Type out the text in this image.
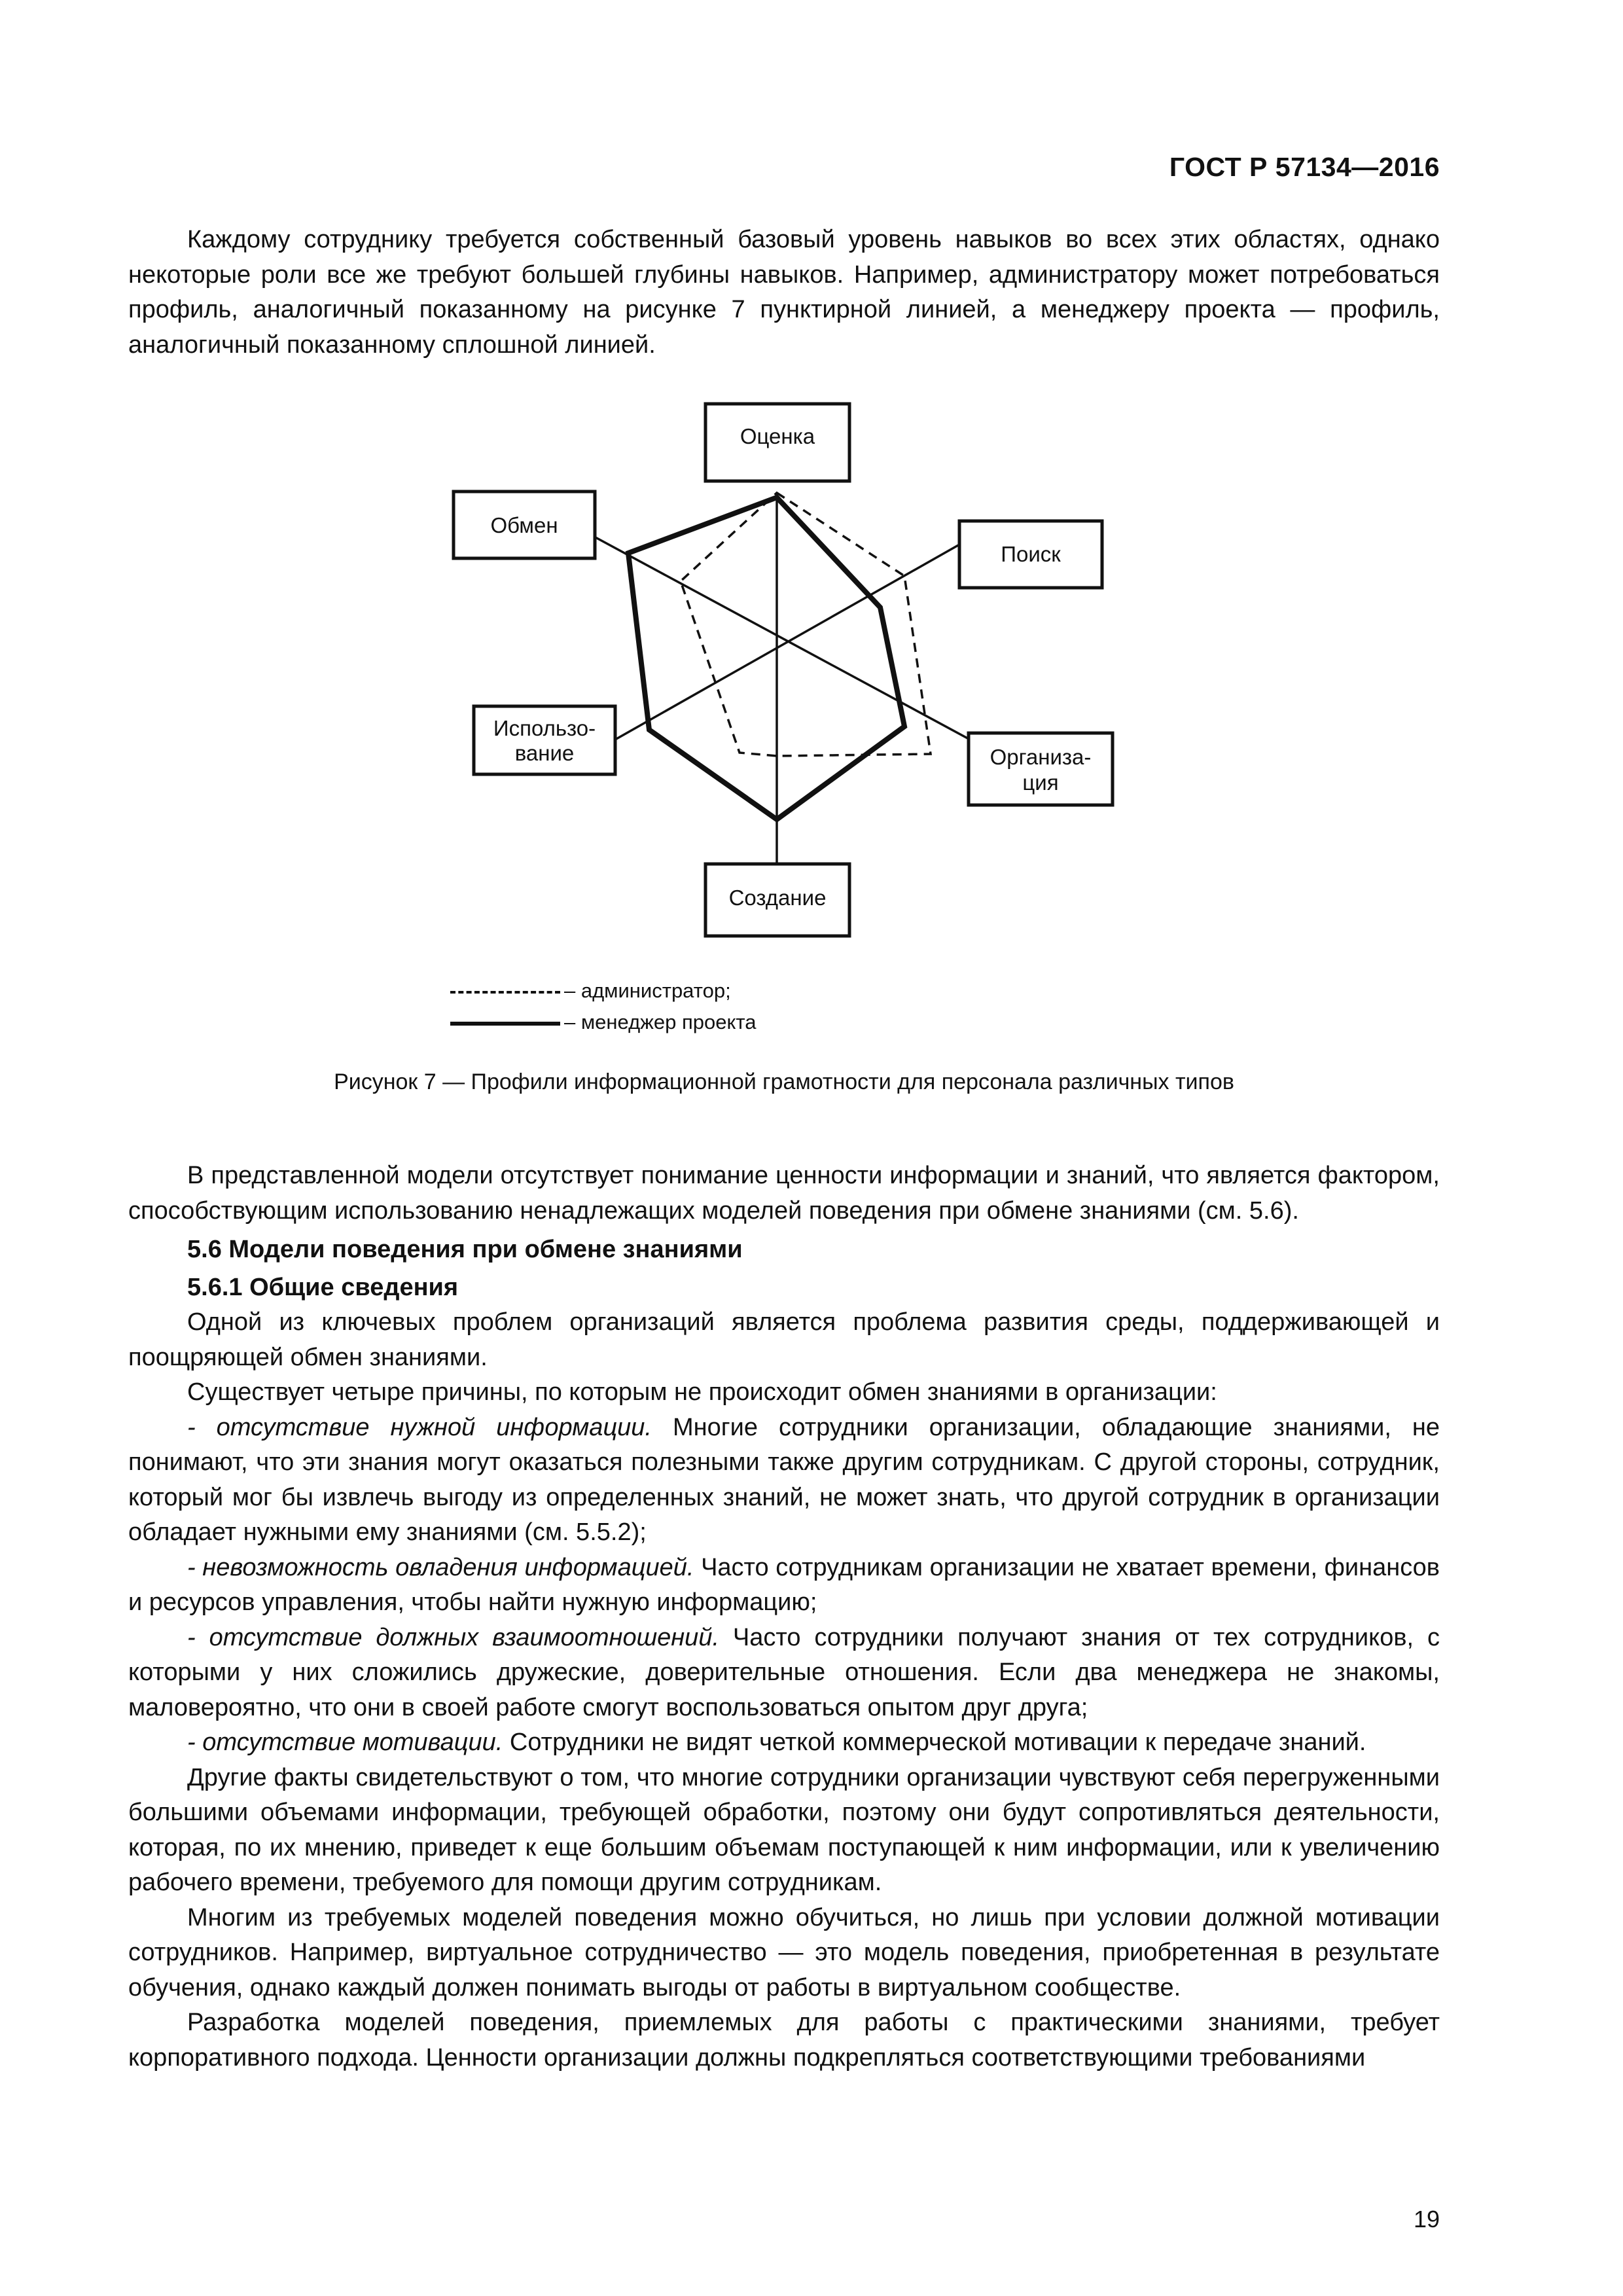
ГОСТ Р 57134—2016

Каждому сотруднику требуется собственный базовый уровень навыков во всех этих областях, однако некоторые роли все же требуют большей глубины навыков. Например, администратору может потребоваться профиль, аналогичный показанному на рисунке 7 пунктирной линией, а менеджеру проекта — профиль, аналогичный показанному сплошной линией.

Оценка
Поиск
Организа-
ция
Создание
Использо-
вание
Обмен
– администратор;
– менеджер проекта
Рисунок 7 — Профили информационной грамотности для персонала различных типов

В представленной модели отсутствует понимание ценности информации и знаний, что является фактором, способствующим использованию ненадлежащих моделей поведения при обмене знаниями (см. 5.6).

5.6 Модели поведения при обмене знаниями

5.6.1 Общие сведения

Одной из ключевых проблем организаций является проблема развития среды, поддерживающей и поощряющей обмен знаниями.

Существует четыре причины, по которым не происходит обмен знаниями в организации:

- отсутствие нужной информации. Многие сотрудники организации, обладающие знаниями, не понимают, что эти знания могут оказаться полезными также другим сотрудникам. С другой стороны, сотрудник, который мог бы извлечь выгоду из определенных знаний, не может знать, что другой сотрудник в организации обладает нужными ему знаниями (см. 5.5.2);

- невозможность овладения информацией. Часто сотрудникам организации не хватает времени, финансов и ресурсов управления, чтобы найти нужную информацию;

- отсутствие должных взаимоотношений. Часто сотрудники получают знания от тех сотрудников, с которыми у них сложились дружеские, доверительные отношения. Если два менеджера не знакомы, маловероятно, что они в своей работе смогут воспользоваться опытом друг друга;

- отсутствие мотивации. Сотрудники не видят четкой коммерческой мотивации к передаче знаний.

Другие факты свидетельствуют о том, что многие сотрудники организации чувствуют себя перегруженными большими объемами информации, требующей обработки, поэтому они будут сопротивляться деятельности, которая, по их мнению, приведет к еще большим объемам поступающей к ним информации, или к увеличению рабочего времени, требуемого для помощи другим сотрудникам.

Многим из требуемых моделей поведения можно обучиться, но лишь при условии должной мотивации сотрудников. Например, виртуальное сотрудничество — это модель поведения, приобретенная в результате обучения, однако каждый должен понимать выгоды от работы в виртуальном сообществе.

Разработка моделей поведения, приемлемых для работы с практическими знаниями, требует корпоративного подхода. Ценности организации должны подкрепляться соответствующими требованиями

19
